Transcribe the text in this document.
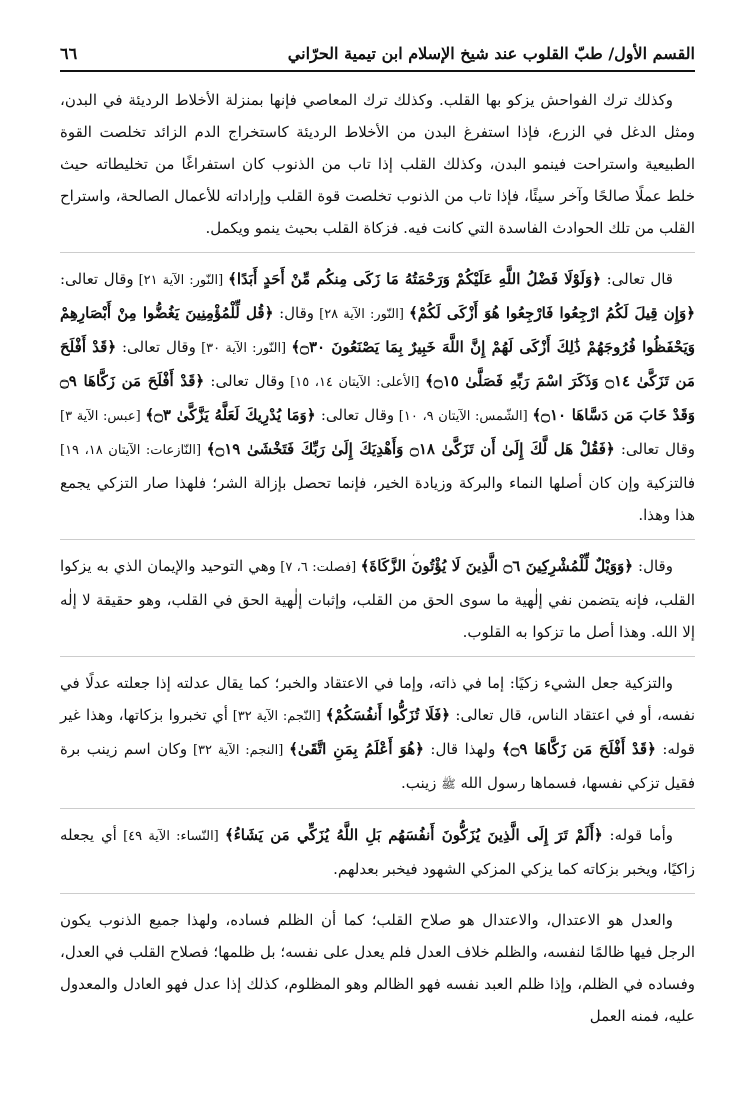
القسم الأول/ طبّ القلوب عند شيخ الإسلام ابن تيمية الحرّاني
٦٦

وكذلك ترك الفواحش يزكو بها القلب. وكذلك ترك المعاصي فإنها بمنزلة الأخلاط الرديئة في البدن، ومثل الدغل في الزرع، فإذا استفرغ البدن من الأخلاط الرديئة كاستخراج الدم الزائد تخلصت القوة الطبيعية واستراحت فينمو البدن، وكذلك القلب إذا تاب من الذنوب كان استفراغًا من تخليطاته حيث خلط عملًا صالحًا وآخر سيئًا، فإذا تاب من الذنوب تخلصت قوة القلب وإراداته للأعمال الصالحة، واستراح القلب من تلك الحوادث الفاسدة التي كانت فيه. فزكاة القلب بحيث ينمو ويكمل.

قال تعالى: ﴿وَلَوْلَا فَضْلُ اللَّهِ عَلَيْكُمْ وَرَحْمَتُهُ مَا زَكَى مِنكُم مِّنْ أَحَدٍ أَبَدًا﴾ [النّور: الآية ٢١] وقال تعالى: ﴿وَإِن قِيلَ لَكُمُ ارْجِعُوا فَارْجِعُوا هُوَ أَزْكَى لَكُمْ﴾ [النّور: الآية ٢٨] وقال: ﴿قُل لِّلْمُؤْمِنِينَ يَغُضُّوا مِنْ أَبْصَارِهِمْ وَيَحْفَظُوا فُرُوجَهُمْ ذَٰلِكَ أَزْكَى لَهُمْ إِنَّ اللَّهَ خَبِيرٌ بِمَا يَصْنَعُونَ ۝٣٠﴾ [النّور: الآية ٣٠] وقال تعالى: ﴿قَدْ أَفْلَحَ مَن تَزَكَّىٰ ۝١٤ وَذَكَرَ اسْمَ رَبِّهِ فَصَلَّىٰ ۝١٥﴾ [الأعلى: الآيتان ١٤، ١٥] وقال تعالى: ﴿قَدْ أَفْلَحَ مَن زَكَّاهَا ۝٩ وَقَدْ خَابَ مَن دَسَّاهَا ۝١٠﴾ [الشّمس: الآيتان ٩، ١٠] وقال تعالى: ﴿وَمَا يُدْرِيكَ لَعَلَّهُ يَزَّكَّىٰ ۝٣﴾ [عبس: الآية ٣] وقال تعالى: ﴿فَقُلْ هَل لَّكَ إِلَىٰ أَن تَزَكَّىٰ ۝١٨ وَأَهْدِيَكَ إِلَىٰ رَبِّكَ فَتَخْشَىٰ ۝١٩﴾ [النّازعات: الآيتان ١٨، ١٩] فالتزكية وإن كان أصلها النماء والبركة وزيادة الخير، فإنما تحصل بإزالة الشر؛ فلهذا صار التزكي يجمع هذا وهذا.

وقال: ﴿وَوَيْلٌ لِّلْمُشْرِكِينَ ۝٦ الَّذِينَ لَا يُؤْتُونَ الزَّكَاةَ﴾ [فصلت: ٦، ٧] وهي التوحيد والإيمان الذي به يزكوا القلب، فإنه يتضمن نفي إلٰهية ما سوى الحق من القلب، وإثبات إلٰهية الحق في القلب، وهو حقيقة لا إلٰه إلا الله. وهذا أصل ما تزكوا به القلوب.

والتزكية جعل الشيء زكيًا: إما في ذاته، وإما في الاعتقاد والخبر؛ كما يقال عدلته إذا جعلته عدلًا في نفسه، أو في اعتقاد الناس، قال تعالى: ﴿فَلَا تُزَكُّوا أَنفُسَكُمْ﴾ [النّجم: الآية ٣٢] أي تخبروا بزكاتها، وهذا غير قوله: ﴿قَدْ أَفْلَحَ مَن زَكَّاهَا ۝٩﴾ ولهذا قال: ﴿هُوَ أَعْلَمُ بِمَنِ اتَّقَىٰ﴾ [النجم: الآية ٣٢] وكان اسم زينب برة فقيل تزكي نفسها، فسماها رسول الله ﷺ زينب.

وأما قوله: ﴿أَلَمْ تَرَ إِلَى الَّذِينَ يُزَكُّونَ أَنفُسَهُم بَلِ اللَّهُ يُزَكِّي مَن يَشَاءُ﴾ [النّساء: الآية ٤٩] أي يجعله زاكيًا، ويخبر بزكاته كما يزكي المزكي الشهود فيخبر بعدلهم.

والعدل هو الاعتدال، والاعتدال هو صلاح القلب؛ كما أن الظلم فساده، ولهذا جميع الذنوب يكون الرجل فيها ظالمًا لنفسه، والظلم خلاف العدل فلم يعدل على نفسه؛ بل ظلمها؛ فصلاح القلب في العدل، وفساده في الظلم، وإذا ظلم العبد نفسه فهو الظالم وهو المظلوم، كذلك إذا عدل فهو العادل والمعدول عليه، فمنه العمل

،
